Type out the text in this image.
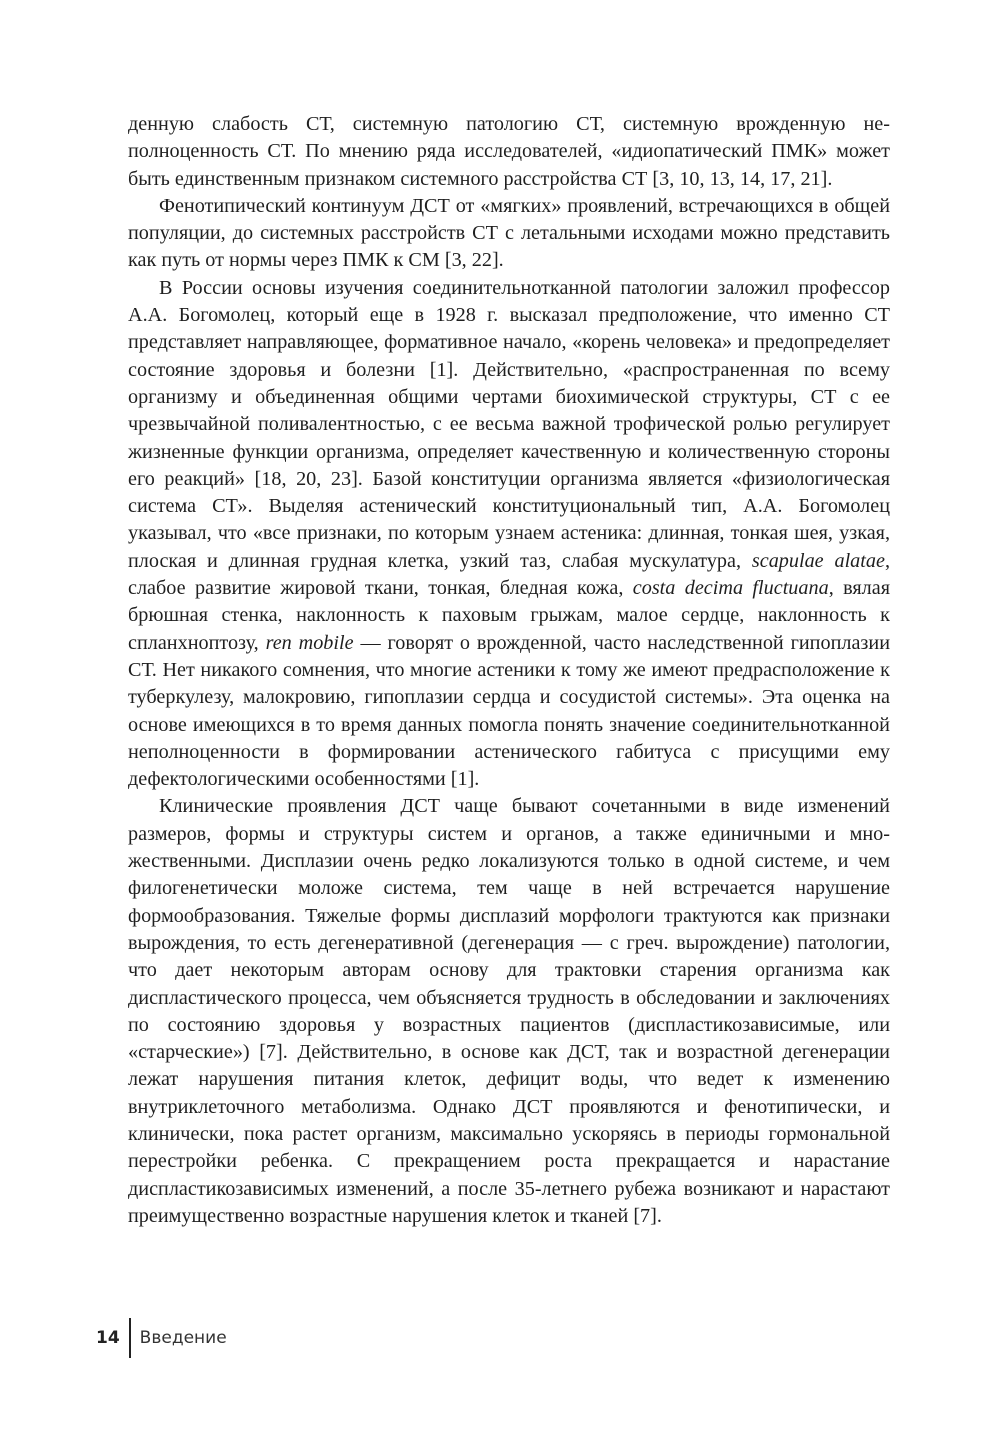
денную слабость СТ, системную патологию СТ, системную врожденную неполноценность СТ. По мнению ряда исследователей, «идиопатический ПМК» может быть единственным признаком системного расстройства СТ [3, 10, 13, 14, 17, 21].

Фенотипический континуум ДСТ от «мягких» проявлений, встречающихся в общей популяции, до системных расстройств СТ с летальными исходами можно представить как путь от нормы через ПМК к СМ [3, 22].

В России основы изучения соединительнотканной патологии заложил профессор А.А. Богомолец, который еще в 1928 г. высказал предположение, что именно СТ представляет направляющее, формативное начало, «корень человека» и предопределяет состояние здоровья и болезни [1]. Действительно, «распространенная по всему организму и объединенная общими чертами биохимической структуры, СТ с ее чрезвычайной поливалентностью, с ее весьма важной трофической ролью регулирует жизненные функции организма, определяет качественную и количественную стороны его реакций» [18, 20, 23]. Базой конституции организма является «физиологическая система СТ». Выделяя астенический конституциональный тип, А.А. Богомолец указывал, что «все признаки, по которым узнаем астеника: длинная, тонкая шея, узкая, плоская и длинная грудная клетка, узкий таз, слабая мускулатура, scapulae alatae, слабое развитие жировой ткани, тонкая, бледная кожа, costa decima fluctuana, вялая брюшная стенка, наклонность к паховым грыжам, малое сердце, наклонность к спланхноптозу, ren mobile — говорят о врожденной, часто наследственной гипоплазии СТ. Нет никакого сомнения, что многие астеники к тому же имеют предрасположение к туберкулезу, малокровию, гипоплазии сердца и сосудистой системы». Эта оценка на основе имеющихся в то время данных помогла понять значение соединительнотканной неполноценности в формировании астенического габитуса с присущими ему дефектологическими особенностями [1].

Клинические проявления ДСТ чаще бывают сочетанными в виде изменений размеров, формы и структуры систем и органов, а также единичными и множественными. Дисплазии очень редко локализуются только в одной системе, и чем филогенетически моложе система, тем чаще в ней встречается нарушение формообразования. Тяжелые формы дисплазий морфологи трактуются как признаки вырождения, то есть дегенеративной (дегенерация — с греч. вырождение) патологии, что дает некоторым авторам основу для трактовки старения организма как диспластического процесса, чем объясняется трудность в обследовании и заключениях по состоянию здоровья у возрастных пациентов (диспластикозависимые, или «старческие») [7]. Действительно, в основе как ДСТ, так и возрастной дегенерации лежат нарушения питания клеток, дефицит воды, что ведет к изменению внутриклеточного метаболизма. Однако ДСТ проявляются и фенотипически, и клинически, пока растет организм, максимально ускоряясь в периоды гормональной перестройки ребенка. С прекращением роста прекращается и нарастание диспластикозависимых изменений, а после 35-летнего рубежа возникают и нарастают преимущественно возрастные нарушения клеток и тканей [7].

14	Введение
